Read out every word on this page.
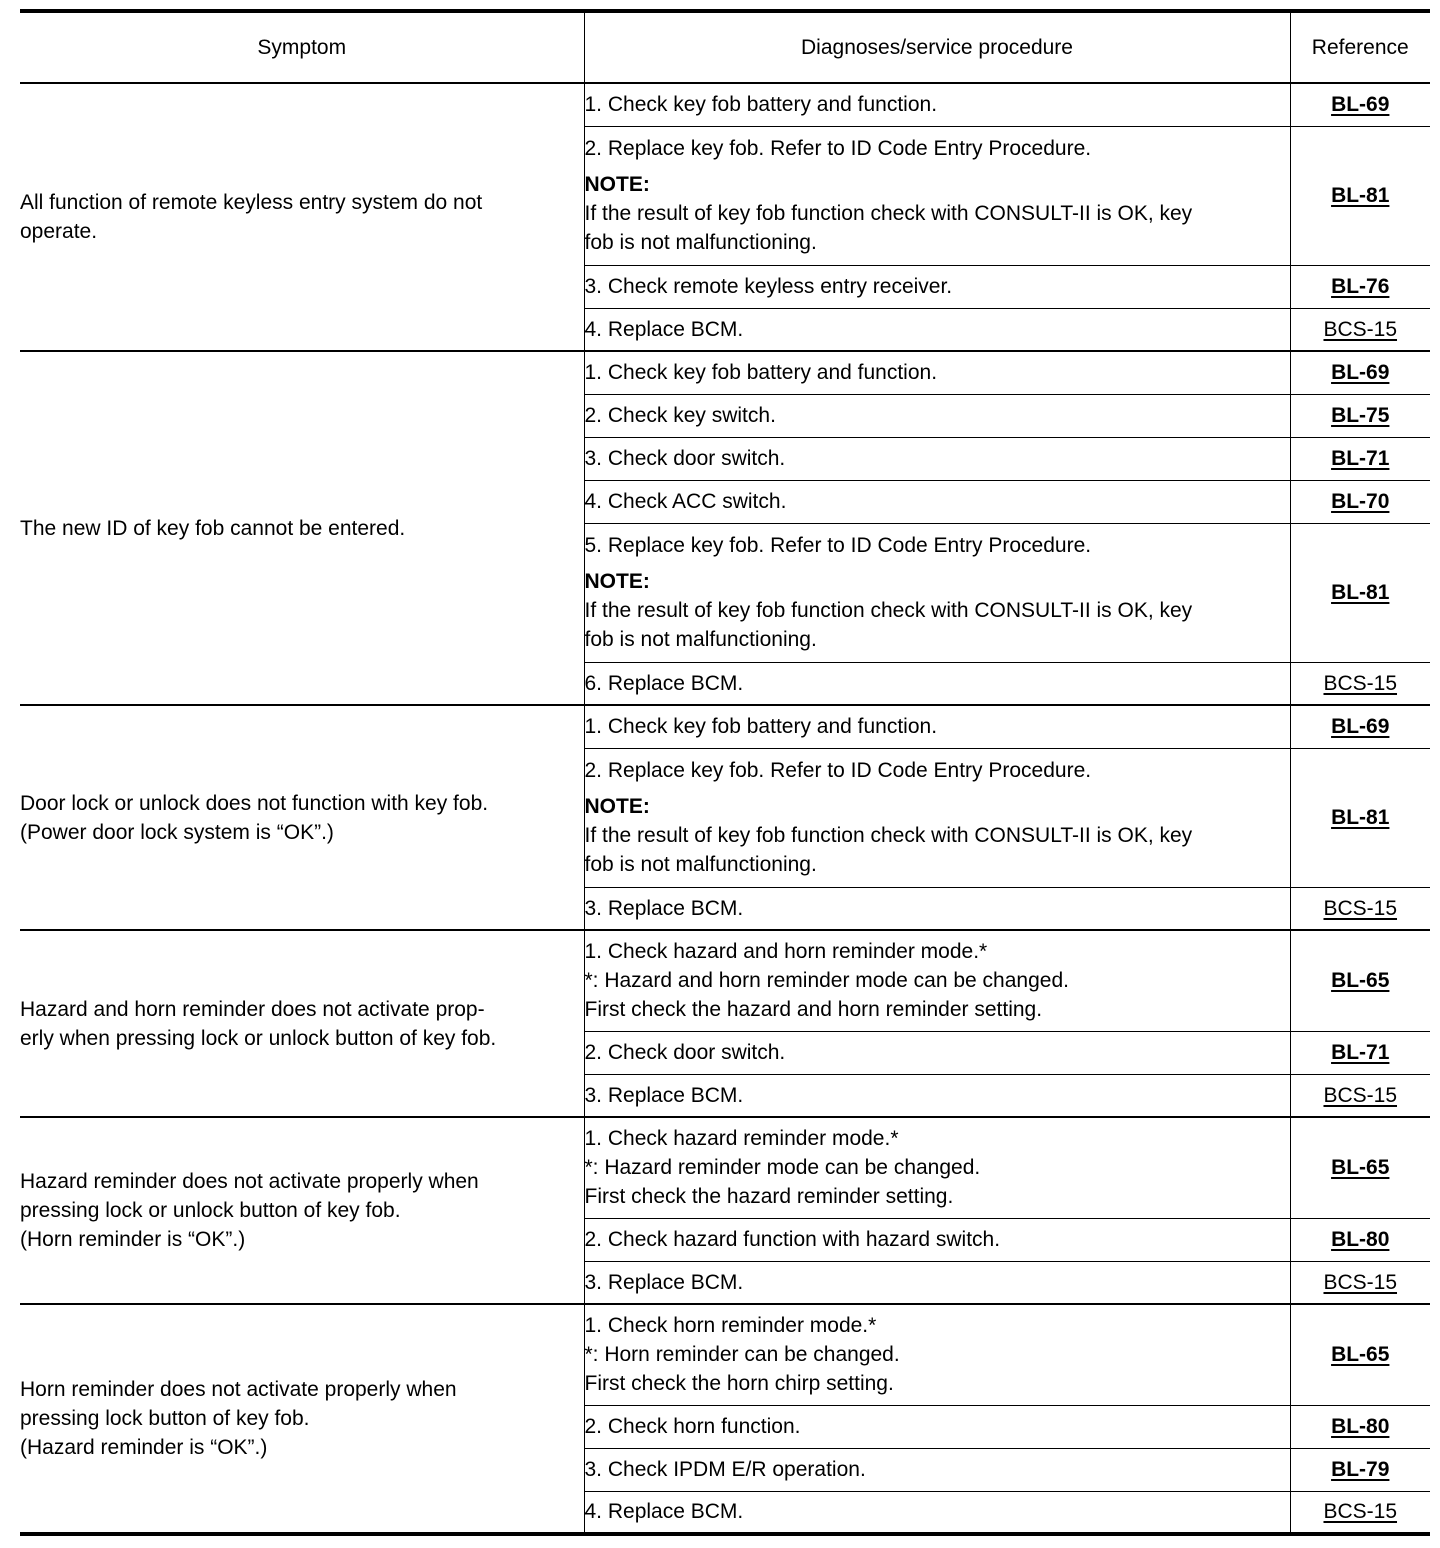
Symptom	Diagnoses/service procedure	Reference

All function of remote keyless entry system do not
operate.	1. Check key fob battery and function.	BL-69

	2. Replace key fob. Refer to ID Code Entry Procedure.
NOTE:
If the result of key fob function check with CONSULT-II is OK, key
fob is not malfunctioning.	BL-81

	3. Check remote keyless entry receiver.	BL-76

	4. Replace BCM.	BCS-15

The new ID of key fob cannot be entered.	1. Check key fob battery and function.	BL-69

	2. Check key switch.	BL-75

	3. Check door switch.	BL-71

	4. Check ACC switch.	BL-70

	5. Replace key fob. Refer to ID Code Entry Procedure.
NOTE:
If the result of key fob function check with CONSULT-II is OK, key
fob is not malfunctioning.	BL-81

	6. Replace BCM.	BCS-15

Door lock or unlock does not function with key fob.
(Power door lock system is “OK”.)	1. Check key fob battery and function.	BL-69

	2. Replace key fob. Refer to ID Code Entry Procedure.
NOTE:
If the result of key fob function check with CONSULT-II is OK, key
fob is not malfunctioning.	BL-81

	3. Replace BCM.	BCS-15

Hazard and horn reminder does not activate prop-
erly when pressing lock or unlock button of key fob.	1. Check hazard and horn reminder mode.*
*: Hazard and horn reminder mode can be changed.
First check the hazard and horn reminder setting.	BL-65

	2. Check door switch.	BL-71

	3. Replace BCM.	BCS-15

Hazard reminder does not activate properly when
pressing lock or unlock button of key fob.
(Horn reminder is “OK”.)	1. Check hazard reminder mode.*
*: Hazard reminder mode can be changed.
First check the hazard reminder setting.	BL-65

	2. Check hazard function with hazard switch.	BL-80

	3. Replace BCM.	BCS-15

Horn reminder does not activate properly when
pressing lock button of key fob.
(Hazard reminder is “OK”.)	1. Check horn reminder mode.*
*: Horn reminder can be changed.
First check the horn chirp setting.	BL-65

	2. Check horn function.	BL-80

	3. Check IPDM E/R operation.	BL-79

	4. Replace BCM.	BCS-15
